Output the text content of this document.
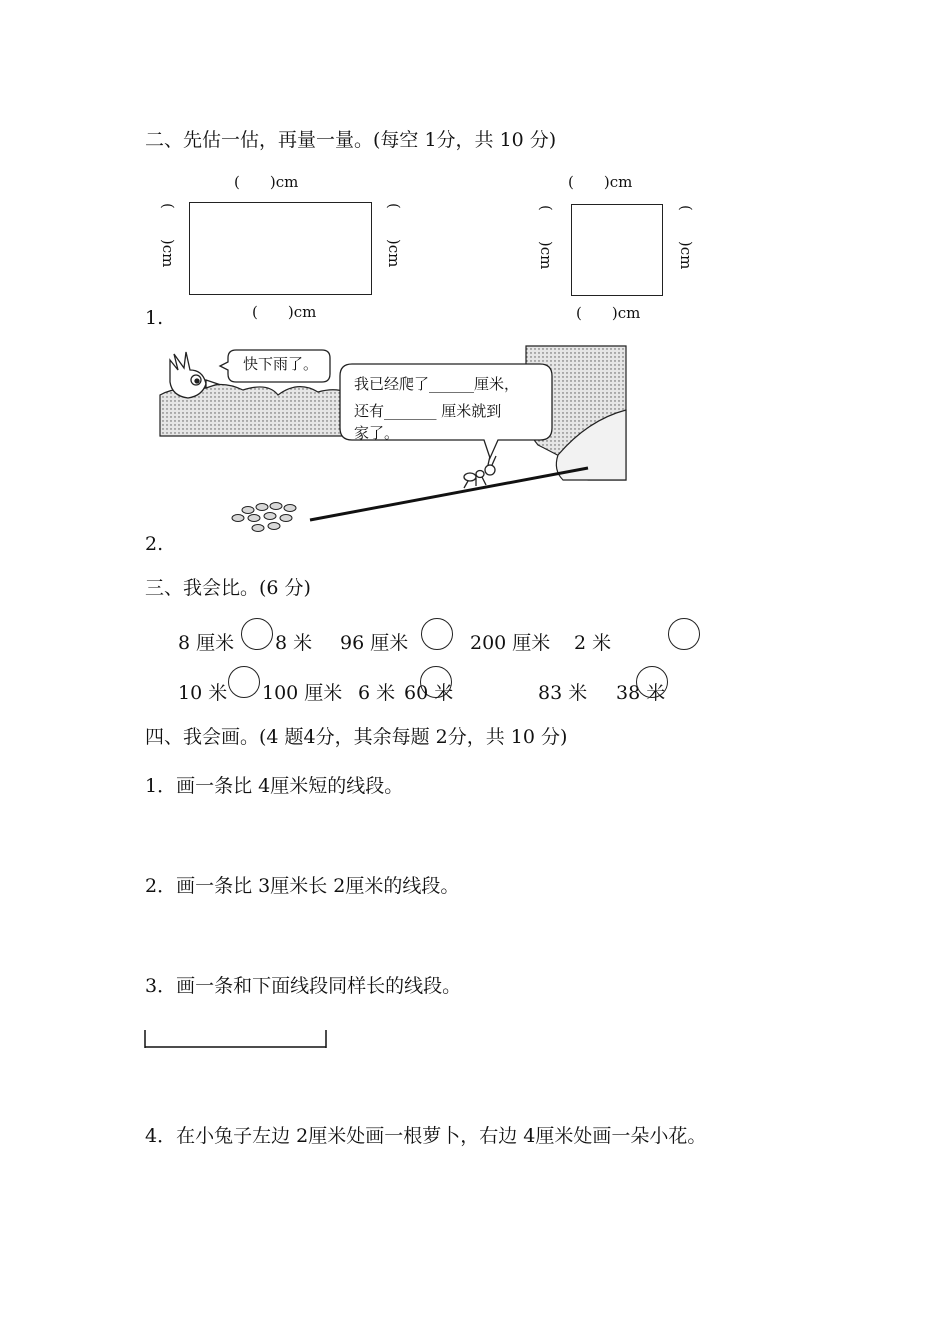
二、先估一估，再量一量。(每空 1分，共 10 分)
(　　)cm
(　　)cm	(　　)cm
(　　)cm
1.
(　　)cm
(　　)cm	(　　)cm
(　　)cm
快下雨了。
我已经爬了______厘米，
还有_______ 厘米就到
家了。
2.
三、我会比。(6 分)
8 厘米 8 米 96 厘米	200 厘米 2 米
10 米 100 厘米 6 米 60 米	83 米 38 米
四、我会画。(4 题4分，其余每题 2分，共 10 分)
1．画一条比 4厘米短的线段。
2．画一条比 3厘米长 2厘米的线段。
3．画一条和下面线段同样长的线段。
4．在小兔子左边 2厘米处画一根萝卜，右边 4厘米处画一朵小花。
